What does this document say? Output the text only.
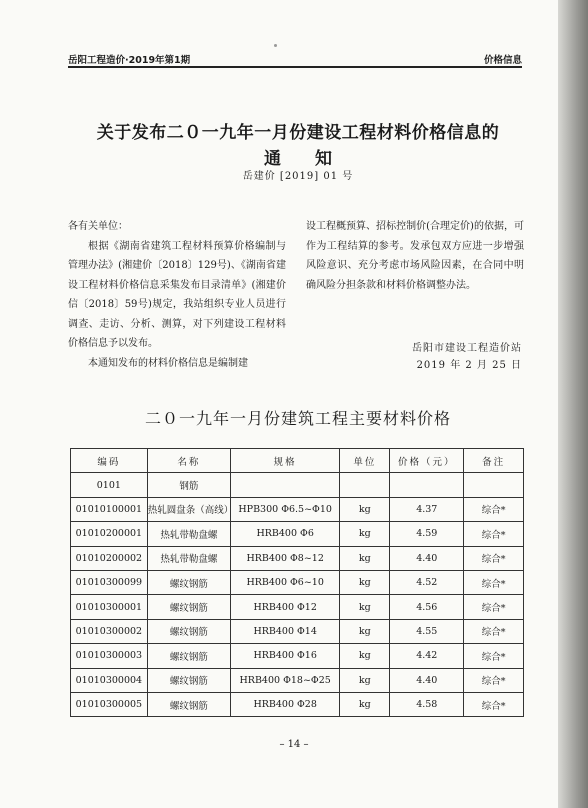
岳阳工程造价·2019年第1期	价格信息
关于发布二０一九年一月份建设工程材料价格信息的
通知
岳建价 [2019] 01 号

各有关单位：

根据《湖南省建筑工程材料预算价格编制与管理办法》(湘建价〔2018〕129号)、《湖南省建设工程材料价格信息采集发布目录清单》(湘建价信〔2018〕59号)规定，我站组织专业人员进行调查、走访、分析、测算，对下列建设工程材料价格信息予以发布。

本通知发布的材料价格信息是编制建

设工程概预算、招标控制价(合理定价)的依据，可作为工程结算的参考。发承包双方应进一步增强风险意识、充分考虑市场风险因素，在合同中明确风险分担条款和材料价格调整办法。

岳阳市建设工程造价站
2019 年 2 月 25 日
二０一九年一月份建筑工程主要材料价格
编码	名称	规格	单位	价格（元）	备注
0101	钢筋				
01010100001	热轧圆盘条（高线）	HPB300 Φ6.5~Φ10	kg	4.37	综合*
01010200001	热轧带勒盘螺	HRB400 Φ6	kg	4.59	综合*
01010200002	热轧带勒盘螺	HRB400 Φ8~12	kg	4.40	综合*
01010300099	螺纹钢筋	HRB400 Φ6~10	kg	4.52	综合*
01010300001	螺纹钢筋	HRB400 Φ12	kg	4.56	综合*
01010300002	螺纹钢筋	HRB400 Φ14	kg	4.55	综合*
01010300003	螺纹钢筋	HRB400 Φ16	kg	4.42	综合*
01010300004	螺纹钢筋	HRB400 Φ18~Φ25	kg	4.40	综合*
01010300005	螺纹钢筋	HRB400 Φ28	kg	4.58	综合*
– 14 –
